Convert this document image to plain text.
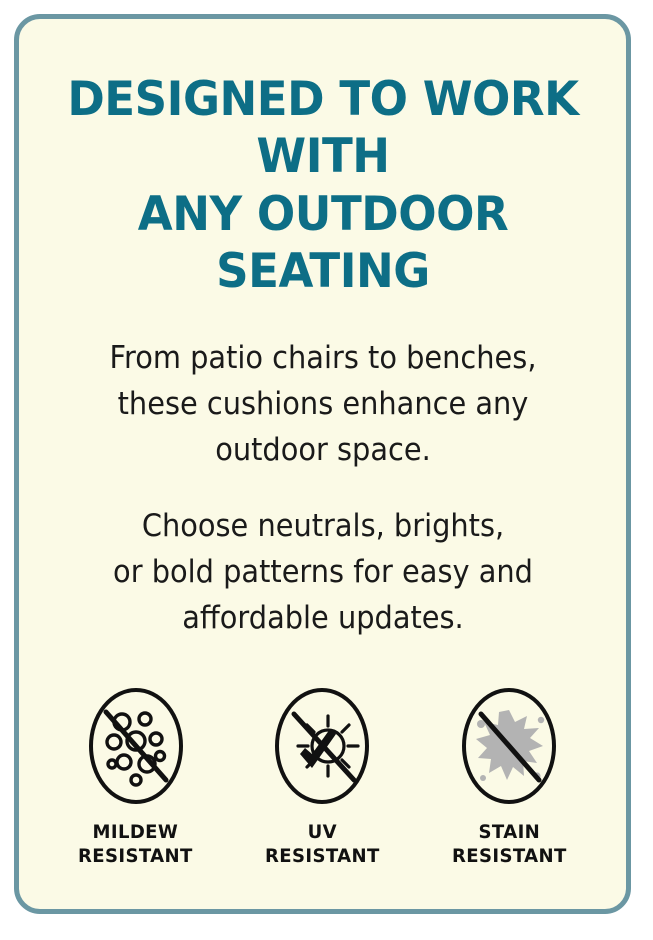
DESIGNED TO WORK WITH
ANY OUTDOOR SEATING

From patio chairs to benches,
these cushions enhance any
outdoor space.

Choose neutrals, brights,
or bold patterns for easy and
affordable updates.

MILDEW
RESISTANT
UV
RESISTANT
STAIN
RESISTANT
